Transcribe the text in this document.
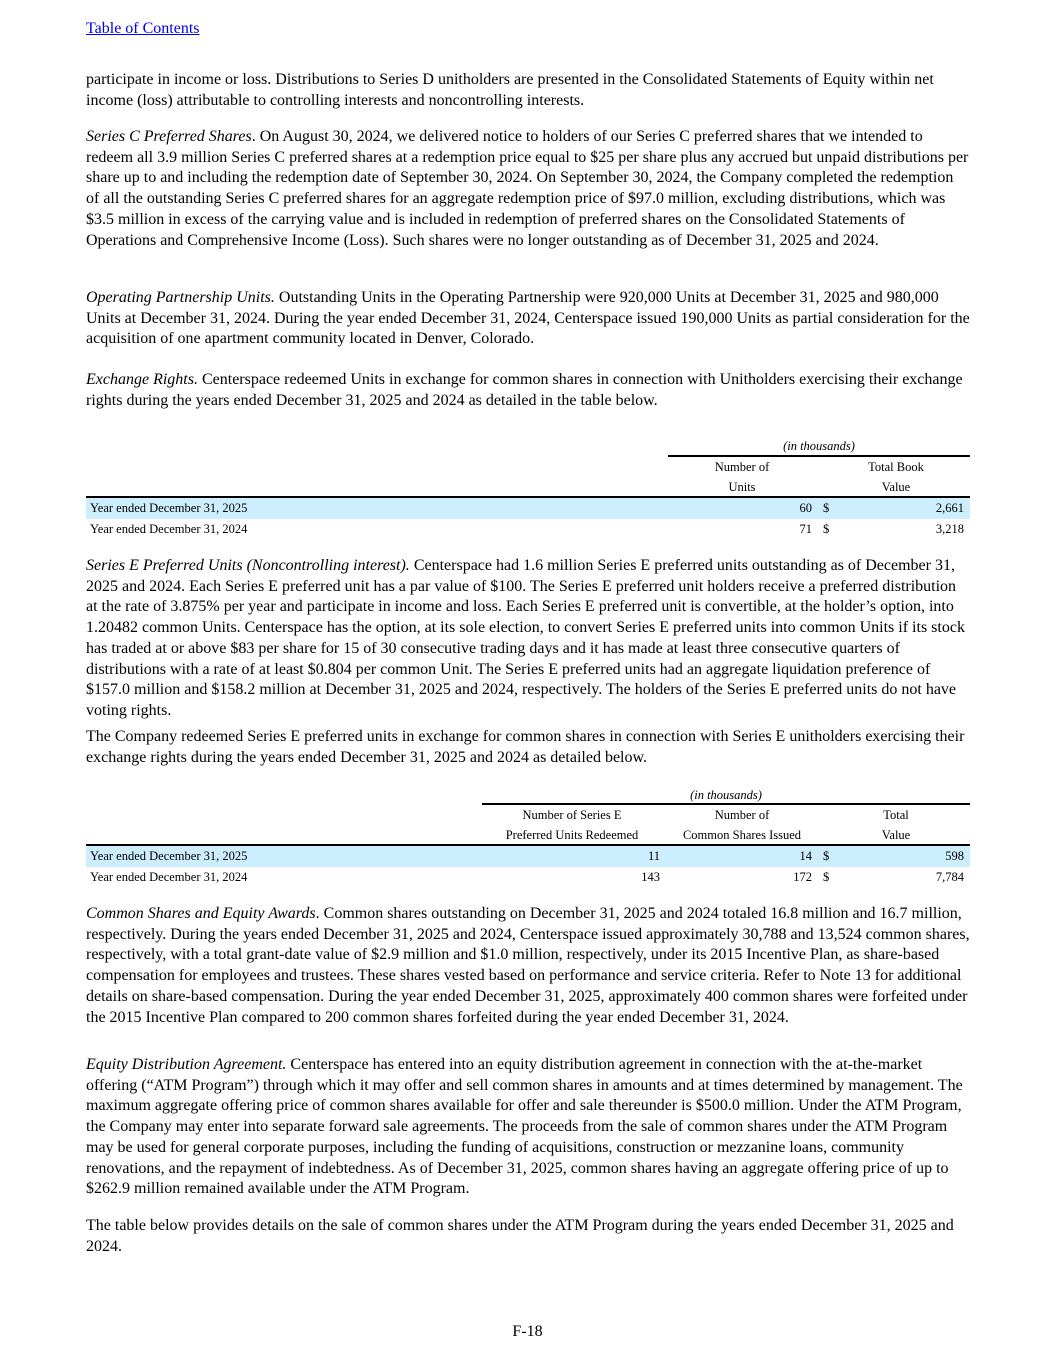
Table of Contents

participate in income or loss. Distributions to Series D unitholders are presented in the Consolidated Statements of Equity within net income (loss) attributable to controlling interests and noncontrolling interests.

Series C Preferred Shares. On August 30, 2024, we delivered notice to holders of our Series C preferred shares that we intended to redeem all 3.9 million Series C preferred shares at a redemption price equal to $25 per share plus any accrued but unpaid distributions per share up to and including the redemption date of September 30, 2024. On September 30, 2024, the Company completed the redemption of all the outstanding Series C preferred shares for an aggregate redemption price of $97.0 million, excluding distributions, which was $3.5 million in excess of the carrying value and is included in redemption of preferred shares on the Consolidated Statements of Operations and Comprehensive Income (Loss). Such shares were no longer outstanding as of December 31, 2025 and 2024.

Operating Partnership Units. Outstanding Units in the Operating Partnership were 920,000 Units at December 31, 2025 and 980,000 Units at December 31, 2024. During the year ended December 31, 2024, Centerspace issued 190,000 Units as partial consideration for the acquisition of one apartment community located in Denver, Colorado.

Exchange Rights. Centerspace redeemed Units in exchange for common shares in connection with Unitholders exercising their exchange rights during the years ended December 31, 2025 and 2024 as detailed in the table below.

(in thousands)
Number of
Units
Total Book
Value
Year ended December 31, 2025	60 $	2,661
Year ended December 31, 2024	71 $	3,218

Series E Preferred Units (Noncontrolling interest). Centerspace had 1.6 million Series E preferred units outstanding as of December 31, 2025 and 2024. Each Series E preferred unit has a par value of $100. The Series E preferred unit holders receive a preferred distribution at the rate of 3.875% per year and participate in income and loss. Each Series E preferred unit is convertible, at the holder’s option, into 1.20482 common Units. Centerspace has the option, at its sole election, to convert Series E preferred units into common Units if its stock has traded at or above $83 per share for 15 of 30 consecutive trading days and it has made at least three consecutive quarters of distributions with a rate of at least $0.804 per common Unit. The Series E preferred units had an aggregate liquidation preference of $157.0 million and $158.2 million at December 31, 2025 and 2024, respectively. The holders of the Series E preferred units do not have voting rights.

The Company redeemed Series E preferred units in exchange for common shares in connection with Series E unitholders exercising their exchange rights during the years ended December 31, 2025 and 2024 as detailed below.

(in thousands)
Number of Series E
Preferred Units Redeemed
Number of
Common Shares Issued
Total
Value
Year ended December 31, 2025	11	14 $	598
Year ended December 31, 2024	143	172 $	7,784

Common Shares and Equity Awards. Common shares outstanding on December 31, 2025 and 2024 totaled 16.8 million and 16.7 million, respectively. During the years ended December 31, 2025 and 2024, Centerspace issued approximately 30,788 and 13,524 common shares, respectively, with a total grant-date value of $2.9 million and $1.0 million, respectively, under its 2015 Incentive Plan, as share-based compensation for employees and trustees. These shares vested based on performance and service criteria. Refer to Note 13 for additional details on share-based compensation. During the year ended December 31, 2025, approximately 400 common shares were forfeited under the 2015 Incentive Plan compared to 200 common shares forfeited during the year ended December 31, 2024.

Equity Distribution Agreement. Centerspace has entered into an equity distribution agreement in connection with the at-the-market offering (“ATM Program”) through which it may offer and sell common shares in amounts and at times determined by management. The maximum aggregate offering price of common shares available for offer and sale thereunder is $500.0 million. Under the ATM Program, the Company may enter into separate forward sale agreements. The proceeds from the sale of common shares under the ATM Program may be used for general corporate purposes, including the funding of acquisitions, construction or mezzanine loans, community renovations, and the repayment of indebtedness. As of December 31, 2025, common shares having an aggregate offering price of up to $262.9 million remained available under the ATM Program.

The table below provides details on the sale of common shares under the ATM Program during the years ended December 31, 2025 and 2024.

F-18
